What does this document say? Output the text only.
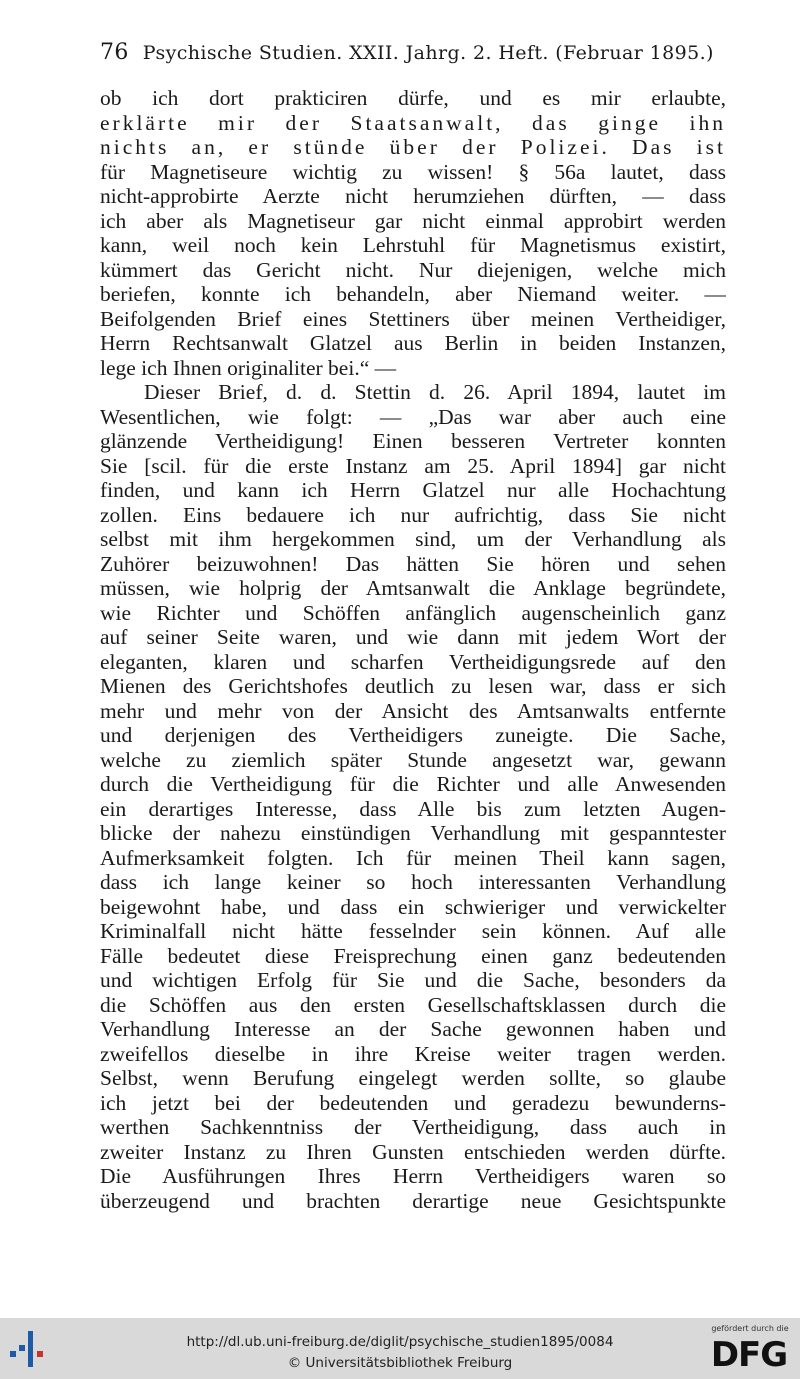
76 Psychische Studien. XXII. Jahrg. 2. Heft. (Februar 1895.)
ob ich dort prakticiren dürfe, und es mir erlaubte,
erklärte mir der Staatsanwalt, das ginge ihn
nichts an, er stünde über der Polizei. Das ist
für Magnetiseure wichtig zu wissen! § 56a lautet, dass
nicht-approbirte Aerzte nicht herumziehen dürften, — dass
ich aber als Magnetiseur gar nicht einmal approbirt werden
kann, weil noch kein Lehrstuhl für Magnetismus existirt,
kümmert das Gericht nicht. Nur diejenigen, welche mich
beriefen, konnte ich behandeln, aber Niemand weiter. —
Beifolgenden Brief eines Stettiners über meinen Vertheidiger,
Herrn Rechtsanwalt Glatzel aus Berlin in beiden Instanzen,
lege ich Ihnen originaliter bei.“ —
Dieser Brief, d. d. Stettin d. 26. April 1894, lautet im
Wesentlichen, wie folgt: — „Das war aber auch eine
glänzende Vertheidigung! Einen besseren Vertreter konnten
Sie [scil. für die erste Instanz am 25. April 1894] gar nicht
finden, und kann ich Herrn Glatzel nur alle Hochachtung
zollen. Eins bedauere ich nur aufrichtig, dass Sie nicht
selbst mit ihm hergekommen sind, um der Verhandlung als
Zuhörer beizuwohnen! Das hätten Sie hören und sehen
müssen, wie holprig der Amtsanwalt die Anklage begründete,
wie Richter und Schöffen anfänglich augenscheinlich ganz
auf seiner Seite waren, und wie dann mit jedem Wort der
eleganten, klaren und scharfen Vertheidigungsrede auf den
Mienen des Gerichtshofes deutlich zu lesen war, dass er sich
mehr und mehr von der Ansicht des Amtsanwalts entfernte
und derjenigen des Vertheidigers zuneigte. Die Sache,
welche zu ziemlich später Stunde angesetzt war, gewann
durch die Vertheidigung für die Richter und alle Anwesenden
ein derartiges Interesse, dass Alle bis zum letzten Augen-
blicke der nahezu einstündigen Verhandlung mit gespanntester
Aufmerksamkeit folgten. Ich für meinen Theil kann sagen,
dass ich lange keiner so hoch interessanten Verhandlung
beigewohnt habe, und dass ein schwieriger und verwickelter
Kriminalfall nicht hätte fesselnder sein können. Auf alle
Fälle bedeutet diese Freisprechung einen ganz bedeutenden
und wichtigen Erfolg für Sie und die Sache, besonders da
die Schöffen aus den ersten Gesellschaftsklassen durch die
Verhandlung Interesse an der Sache gewonnen haben und
zweifellos dieselbe in ihre Kreise weiter tragen werden.
Selbst, wenn Berufung eingelegt werden sollte, so glaube
ich jetzt bei der bedeutenden und geradezu bewunderns-
werthen Sachkenntniss der Vertheidigung, dass auch in
zweiter Instanz zu Ihren Gunsten entschieden werden dürfte.
Die Ausführungen Ihres Herrn Vertheidigers waren so
überzeugend und brachten derartige neue Gesichtspunkte
http://dl.ub.uni-freiburg.de/diglit/psychische_studien1895/0084
© Universitätsbibliothek Freiburg
gefördert durch die
DFG
